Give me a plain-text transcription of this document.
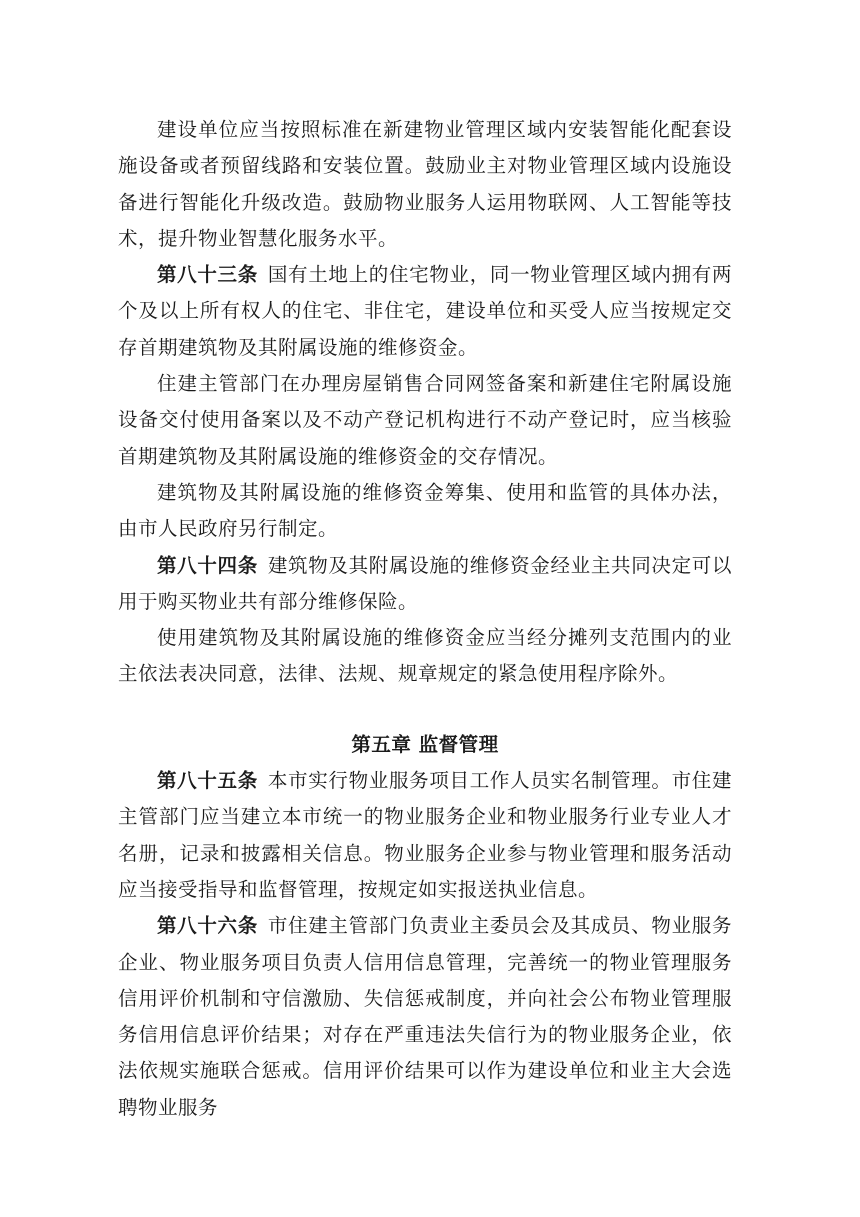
建设单位应当按照标准在新建物业管理区域内安装智能化配套设施设备或者预留线路和安装位置。鼓励业主对物业管理区域内设施设备进行智能化升级改造。鼓励物业服务人运用物联网、人工智能等技术，提升物业智慧化服务水平。

第八十三条 国有土地上的住宅物业，同一物业管理区域内拥有两个及以上所有权人的住宅、非住宅，建设单位和买受人应当按规定交存首期建筑物及其附属设施的维修资金。

住建主管部门在办理房屋销售合同网签备案和新建住宅附属设施设备交付使用备案以及不动产登记机构进行不动产登记时，应当核验首期建筑物及其附属设施的维修资金的交存情况。

建筑物及其附属设施的维修资金筹集、使用和监管的具体办法，由市人民政府另行制定。

第八十四条 建筑物及其附属设施的维修资金经业主共同决定可以用于购买物业共有部分维修保险。

使用建筑物及其附属设施的维修资金应当经分摊列支范围内的业主依法表决同意，法律、法规、规章规定的紧急使用程序除外。

第五章 监督管理

第八十五条 本市实行物业服务项目工作人员实名制管理。市住建主管部门应当建立本市统一的物业服务企业和物业服务行业专业人才名册，记录和披露相关信息。物业服务企业参与物业管理和服务活动应当接受指导和监督管理，按规定如实报送执业信息。

第八十六条 市住建主管部门负责业主委员会及其成员、物业服务企业、物业服务项目负责人信用信息管理，完善统一的物业管理服务信用评价机制和守信激励、失信惩戒制度，并向社会公布物业管理服务信用信息评价结果；对存在严重违法失信行为的物业服务企业，依法依规实施联合惩戒。信用评价结果可以作为建设单位和业主大会选聘物业服务
